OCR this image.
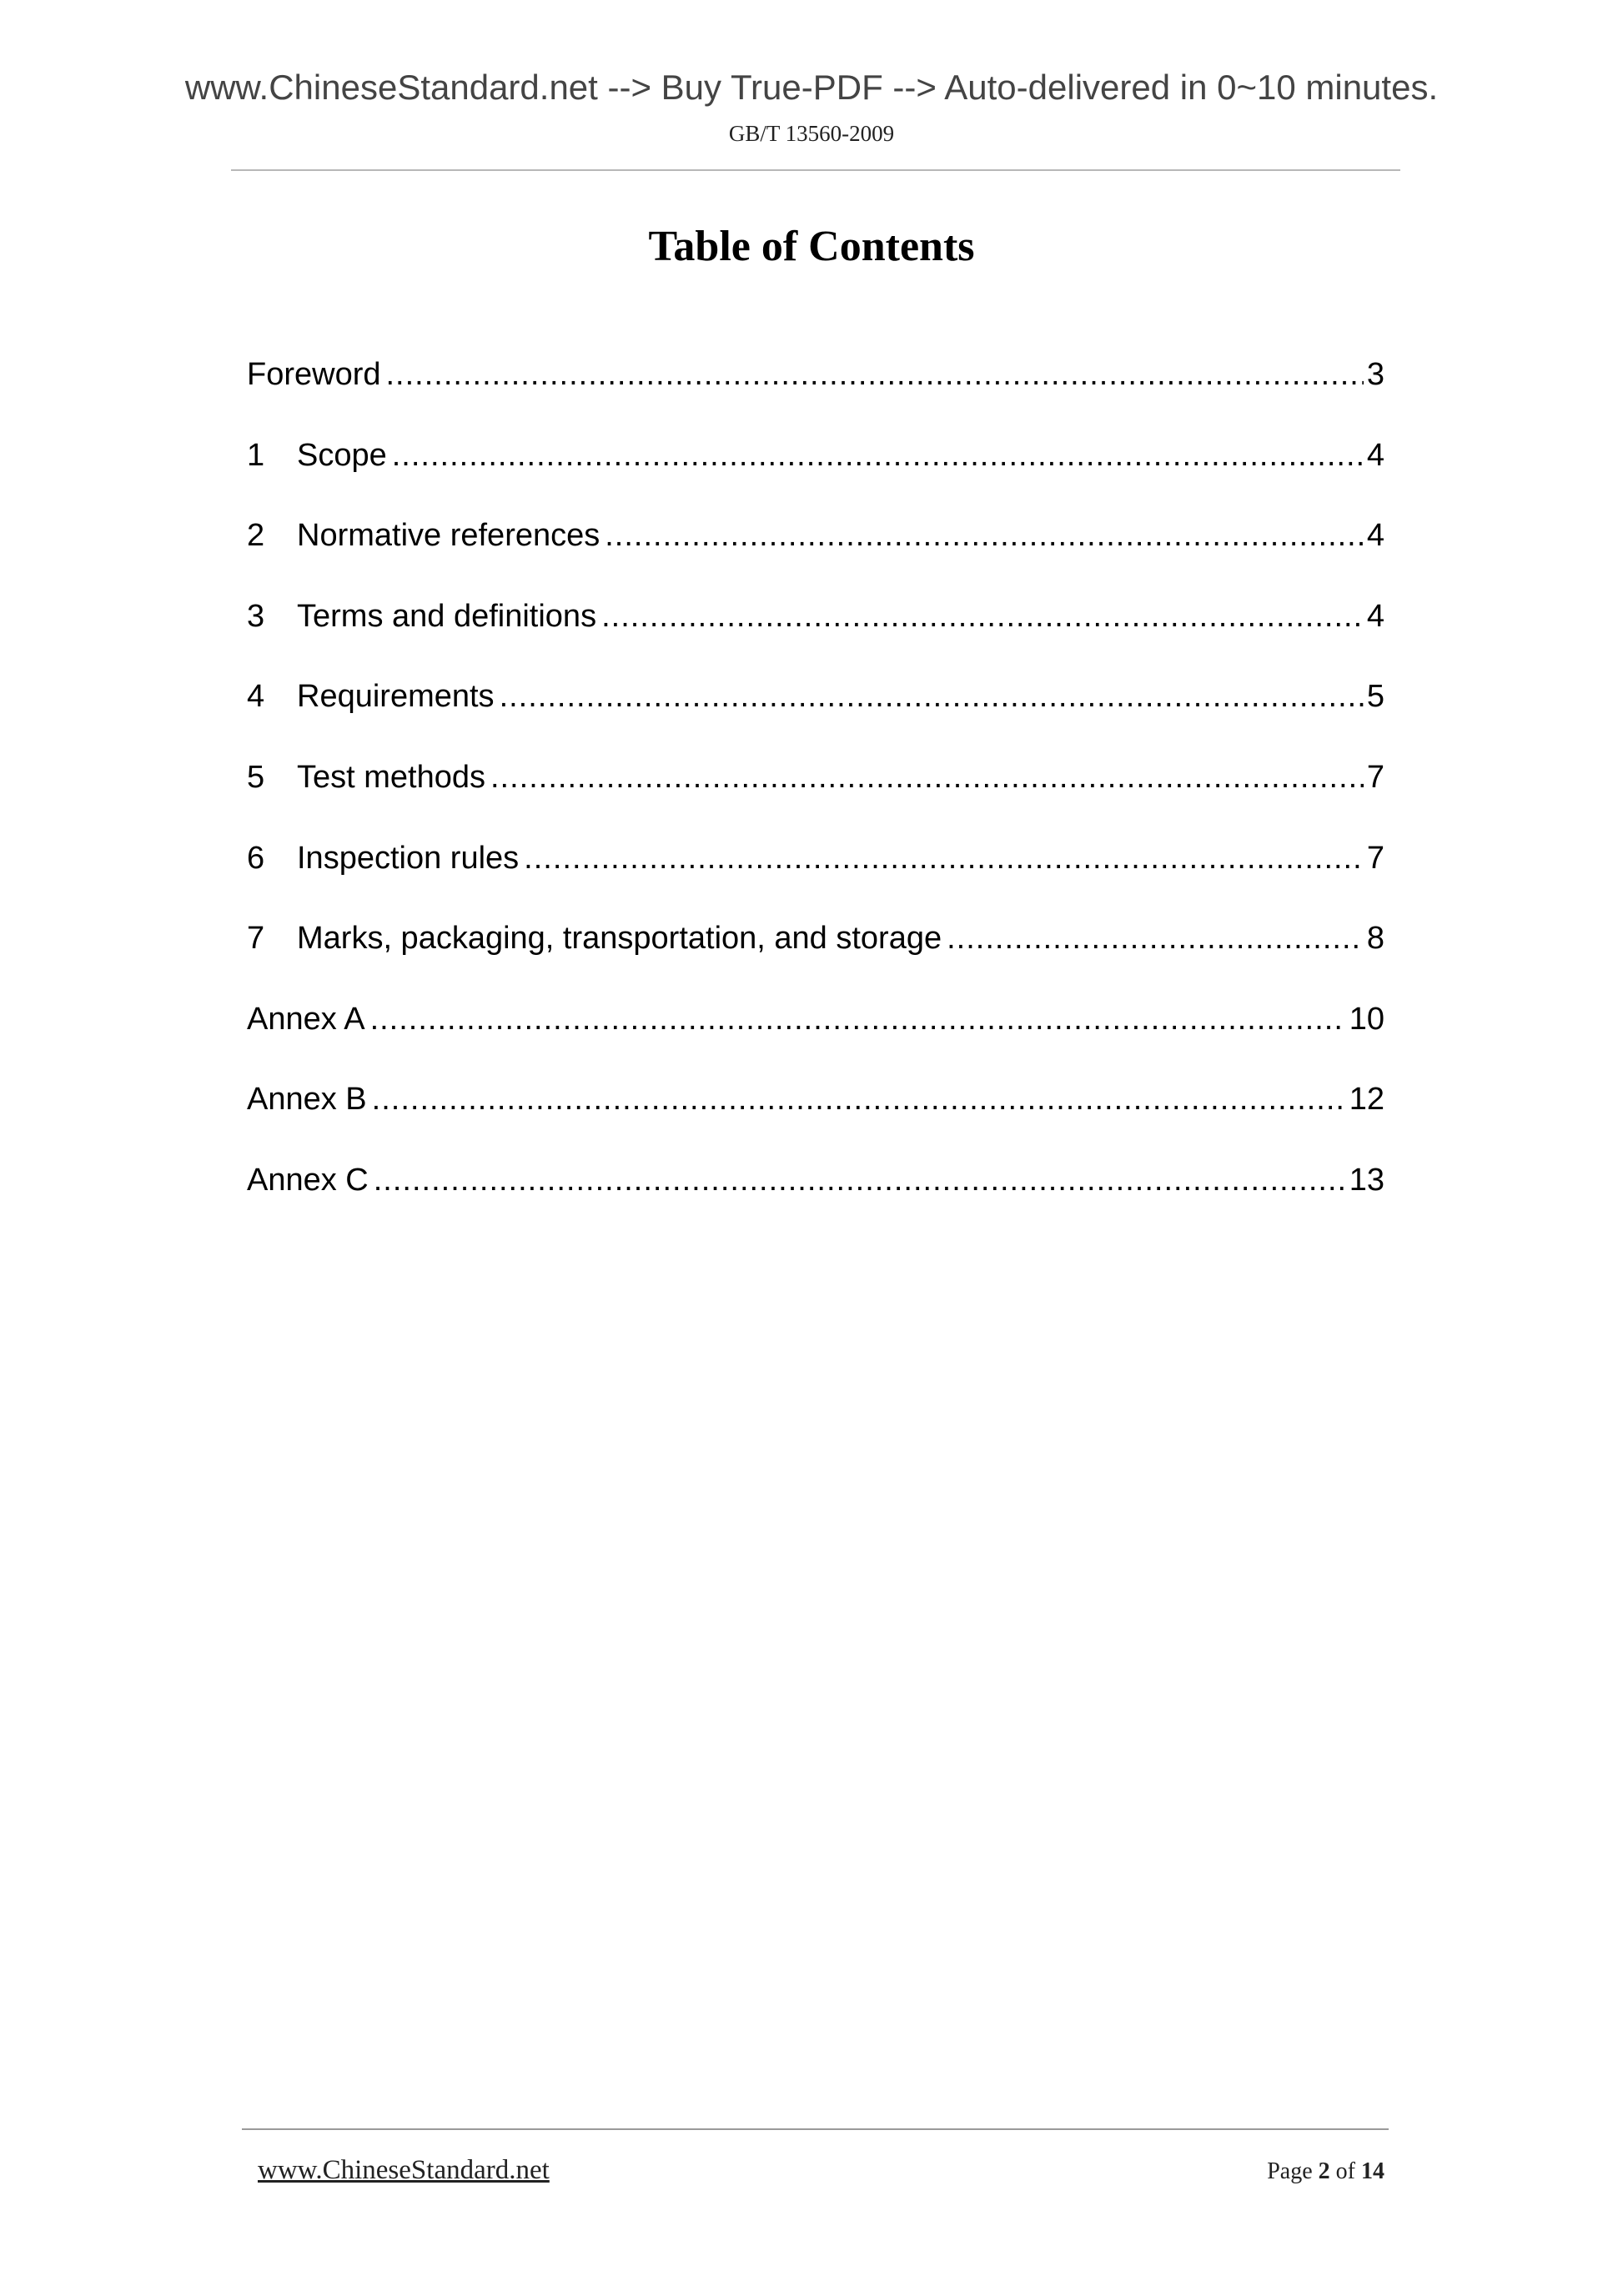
www.ChineseStandard.net --> Buy True-PDF --> Auto-delivered in 0~10 minutes.
GB/T 13560-2009
Table of Contents
Foreword .....	3
1	Scope .....	4
2	Normative references .....	4
3	Terms and definitions .....	4
4	Requirements .....	5
5	Test methods .....	7
6	Inspection rules .....	7
7	Marks, packaging, transportation, and storage .....	8
Annex A .....	10
Annex B .....	12
Annex C .....	13
www.ChineseStandard.net	Page 2 of 14
